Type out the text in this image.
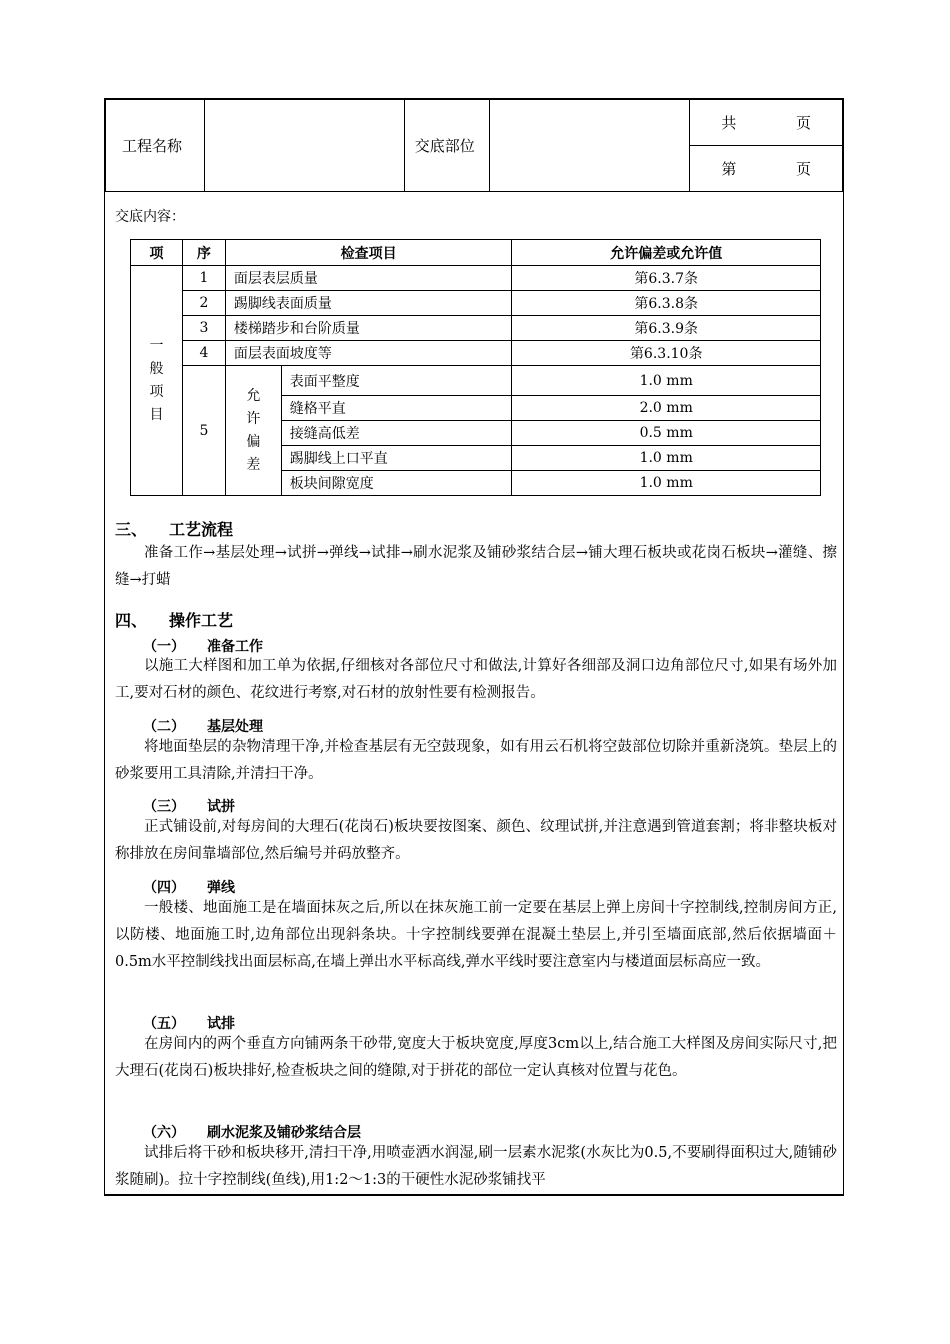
工程名称		交底部位		共	页
第	页
交底内容：
项	序	检查项目		允许偏差或允许值

一般项目	1	面层表层质量		第6.3.7条
	2	踢脚线表面质量		第6.3.8条
	3	楼梯踏步和台阶质量		第6.3.9条
	4	面层表面坡度等		第6.3.10条
	5	允许偏差	表面平整度	1.0 mm
			缝格平直	2.0 mm
			接缝高低差	0.5 mm
			踢脚线上口平直	1.0 mm
			板块间隙宽度	1.0 mm
三、 工艺流程
准备工作→基层处理→试拼→弹线→试排→刷水泥浆及铺砂浆结合层→铺大理石板块或花岗石板块→灌缝、擦缝→打蜡
四、 操作工艺
（一） 准备工作
以施工大样图和加工单为依据,仔细核对各部位尺寸和做法,计算好各细部及洞口边角部位尺寸,如果有场外加工,要对石材的颜色、花纹进行考察,对石材的放射性要有检测报告。
（二） 基层处理
将地面垫层的杂物清理干净,并检查基层有无空鼓现象，如有用云石机将空鼓部位切除并重新浇筑。垫层上的砂浆要用工具清除,并清扫干净。
（三） 试拼
正式铺设前,对每房间的大理石(花岗石)板块要按图案、颜色、纹理试拼,并注意遇到管道套割；将非整块板对称排放在房间靠墙部位,然后编号并码放整齐。
（四） 弹线
一般楼、地面施工是在墙面抹灰之后,所以在抹灰施工前一定要在基层上弹上房间十字控制线,控制房间方正,以防楼、地面施工时,边角部位出现斜条块。十字控制线要弹在混凝土垫层上,并引至墙面底部,然后依据墙面＋0.5m水平控制线找出面层标高,在墙上弹出水平标高线,弹水平线时要注意室内与楼道面层标高应一致。
（五） 试排
在房间内的两个垂直方向铺两条干砂带,宽度大于板块宽度,厚度3cm以上,结合施工大样图及房间实际尺寸,把大理石(花岗石)板块排好,检查板块之间的缝隙,对于拼花的部位一定认真核对位置与花色。
（六） 刷水泥浆及铺砂浆结合层
试排后将干砂和板块移开,清扫干净,用喷壶洒水润湿,刷一层素水泥浆(水灰比为0.5,不要刷得面积过大,随铺砂浆随刷)。拉十字控制线(鱼线),用1:2～1:3的干硬性水泥砂浆铺找平
